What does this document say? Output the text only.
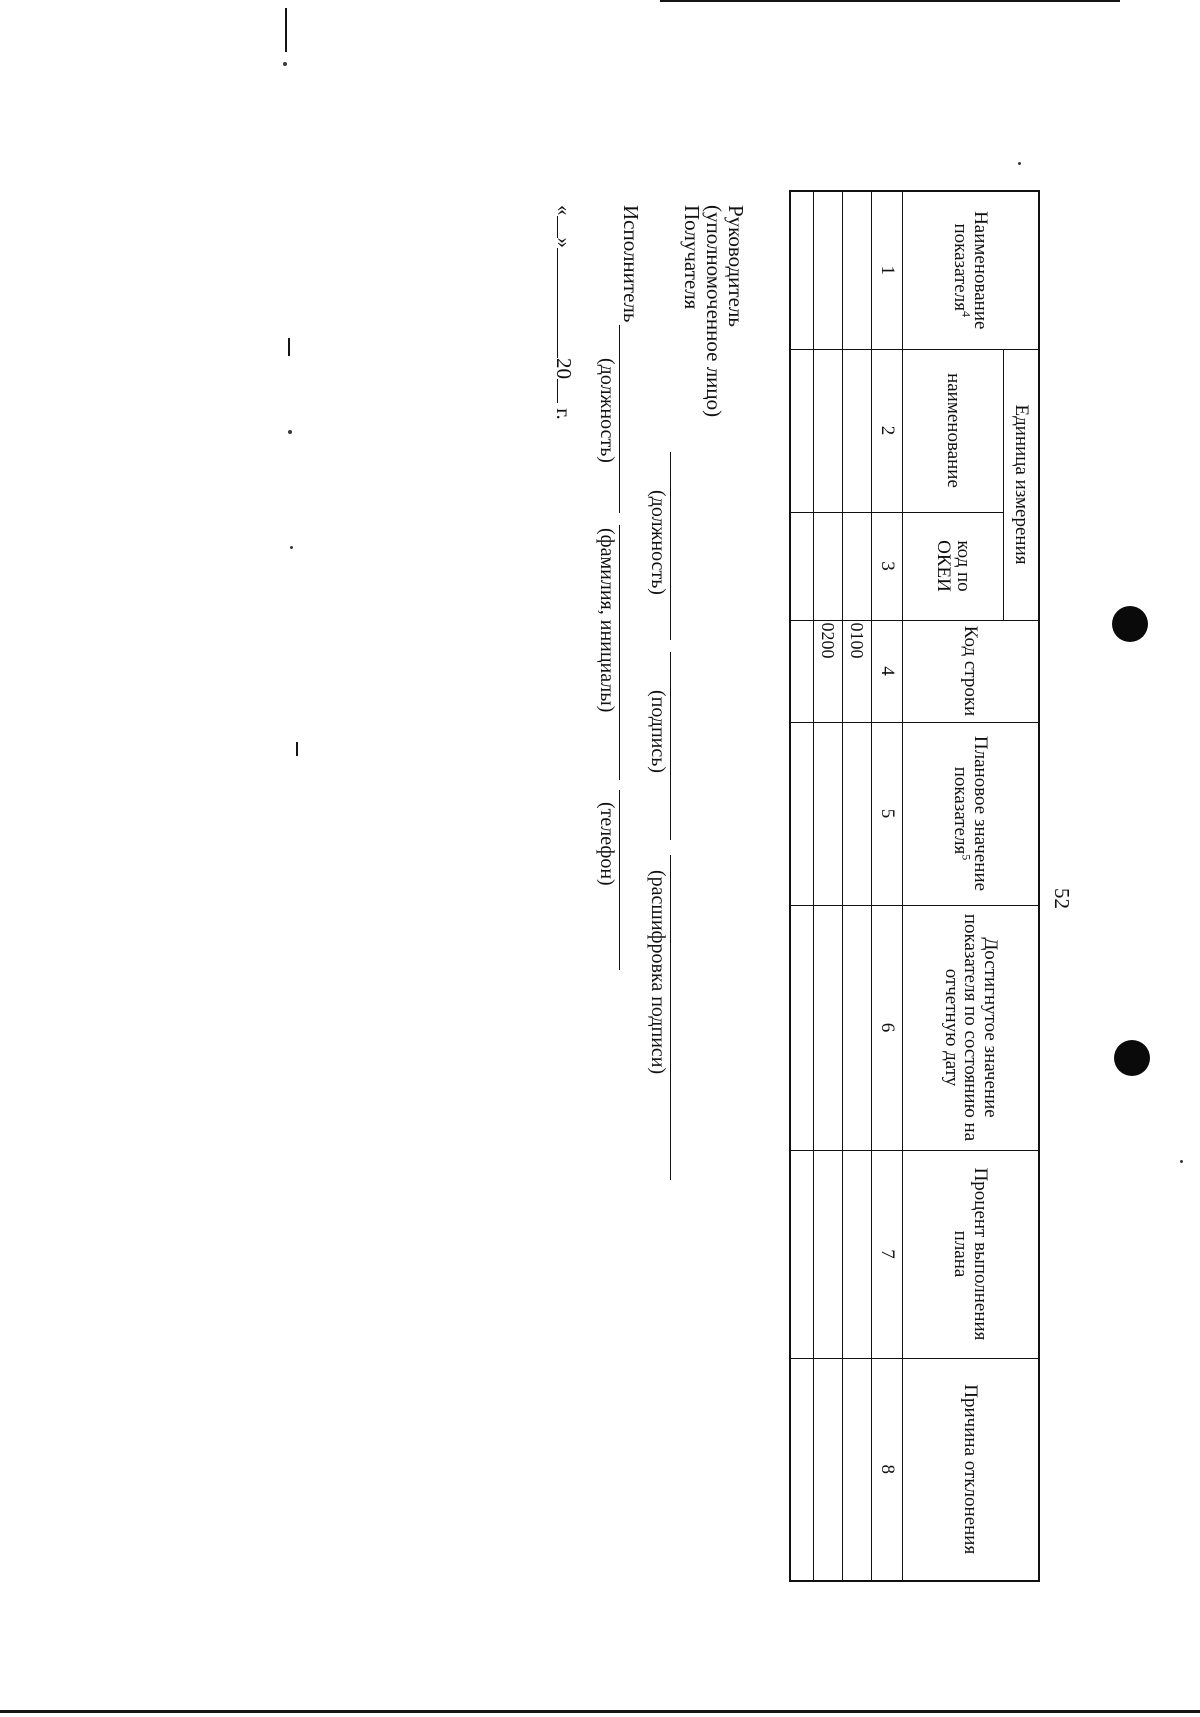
52
Наименование показателя$^4$	Единица измерения		Код строки	Плановое значение показателя$^5$	Достигнутое значение показателя по состоянию на отчетную дату	Процент выполнения плана	Причина отклонения
	наименование	код по ОКЕИ					
1	2	3	4	5	6	7	8
			0100				
			0200				

Руководитель
(уполномоченное лицо)
Получателя
(должность)
(подпись)
(расшифровка подписи)
Исполнитель
(должность)
(фамилия, инициалы)
(телефон)
«»20 г.
